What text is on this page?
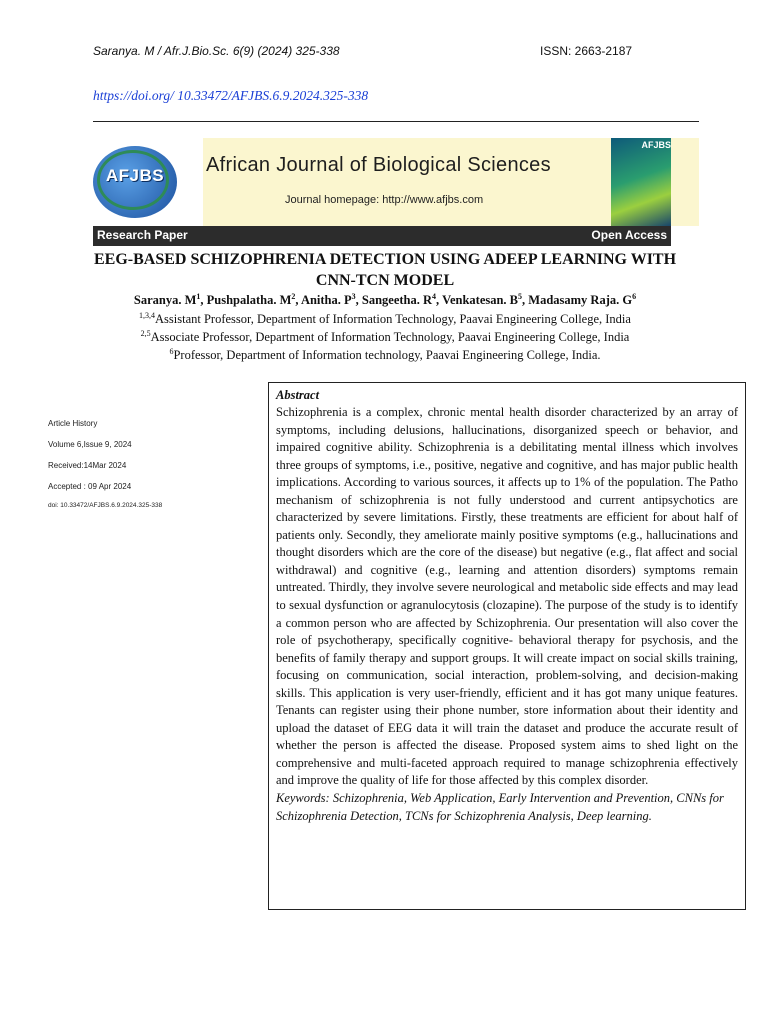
Saranya. M / Afr.J.Bio.Sc. 6(9) (2024) 325-338	ISSN: 2663-2187
https://doi.org/ 10.33472/AFJBS.6.9.2024.325-338
AFJBS	African Journal of Biological Sciences
Journal homepage: http://www.afjbs.com
AFJBS
Research Paper	Open Access
EEG-BASED SCHIZOPHRENIA DETECTION USING ADEEP LEARNING WITH CNN-TCN MODEL
Saranya. $M^1$, Pushpalatha. $M^2$, Anitha. $P^3$, Sangeetha. $R^4$, Venkatesan. $B^5$, Madasamy Raja. $G^6$
$^{1,3,4}$Assistant Professor, Department of Information Technology, Paavai Engineering College, India
$^{2,5}$Associate Professor, Department of Information Technology, Paavai Engineering College, India
$^6$Professor, Department of Information technology, Paavai Engineering College, India.
Article History
Volume 6,Issue 9, 2024
Received:14Mar 2024
Accepted : 09 Apr 2024
doi: 10.33472/AFJBS.6.9.2024.325-338
Abstract

Schizophrenia is a complex, chronic mental health disorder characterized by an array of symptoms, including delusions, hallucinations, disorganized speech or behavior, and impaired cognitive ability. Schizophrenia is a debilitating mental illness which involves three groups of symptoms, i.e., positive, negative and cognitive, and has major public health implications. According to various sources, it affects up to 1% of the population. The Patho mechanism of schizophrenia is not fully understood and current antipsychotics are characterized by severe limitations. Firstly, these treatments are efficient for about half of patients only. Secondly, they ameliorate mainly positive symptoms (e.g., hallucinations and thought disorders which are the core of the disease) but negative (e.g., flat affect and social withdrawal) and cognitive (e.g., learning and attention disorders) symptoms remain untreated. Thirdly, they involve severe neurological and metabolic side effects and may lead to sexual dysfunction or agranulocytosis (clozapine). The purpose of the study is to identify a common person who are affected by Schizophrenia. Our presentation will also cover the role of psychotherapy, specifically cognitive- behavioral therapy for psychosis, and the benefits of family therapy and support groups. It will create impact on social skills training, focusing on communication, social interaction, problem-solving, and decision-making skills. This application is very user-friendly, efficient and it has got many unique features. Tenants can register using their phone number, store information about their identity and upload the dataset of EEG data it will train the dataset and produce the accurate result of whether the person is affected the disease. Proposed system aims to shed light on the comprehensive and multi-faceted approach required to manage schizophrenia effectively and improve the quality of life for those affected by this complex disorder.

Keywords: Schizophrenia, Web Application, Early Intervention and Prevention, CNNs for Schizophrenia Detection, TCNs for Schizophrenia Analysis, Deep learning.
